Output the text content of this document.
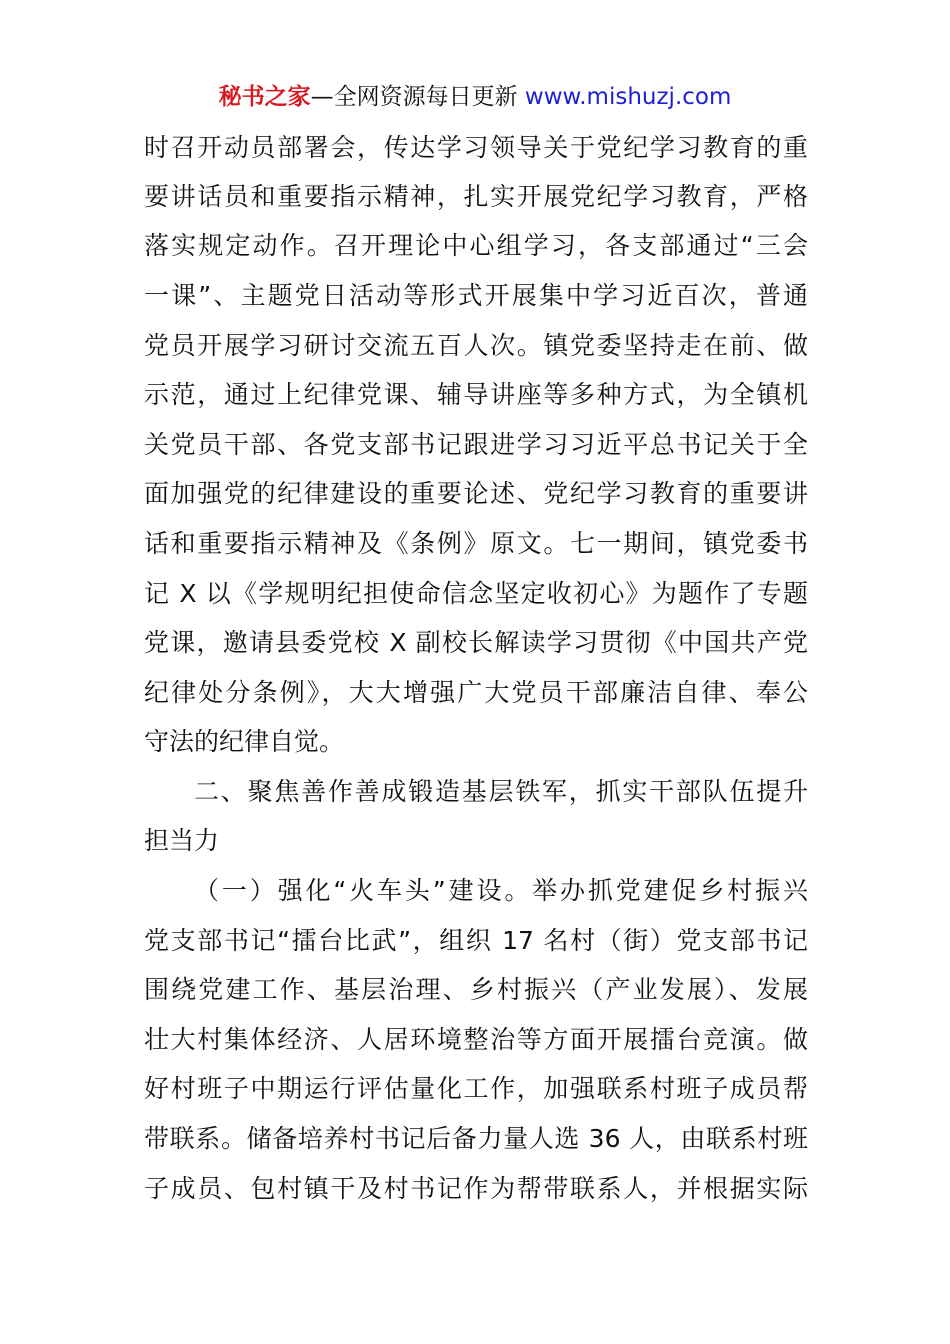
秘书之家—全网资源每日更新 www.mishuzj.com
时召开动员部署会，传达学习领导关于党纪学习教育的重
要讲话员和重要指示精神，扎实开展党纪学习教育，严格
落实规定动作。召开理论中心组学习，各支部通过“三会
一课”、主题党日活动等形式开展集中学习近百次，普通
党员开展学习研讨交流五百人次。镇党委坚持走在前、做
示范，通过上纪律党课、辅导讲座等多种方式，为全镇机
关党员干部、各党支部书记跟进学习习近平总书记关于全
面加强党的纪律建设的重要论述、党纪学习教育的重要讲
话和重要指示精神及《条例》原文。七一期间，镇党委书
记 X 以《学规明纪担使命信念坚定收初心》为题作了专题
党课，邀请县委党校 X 副校长解读学习贯彻《中国共产党
纪律处分条例》，大大增强广大党员干部廉洁自律、奉公
守法的纪律自觉。
二、聚焦善作善成锻造基层铁军，抓实干部队伍提升
担当力
（一）强化“火车头”建设。举办抓党建促乡村振兴
党支部书记“擂台比武”，组织 17 名村（街）党支部书记
围绕党建工作、基层治理、乡村振兴（产业发展）、发展
壮大村集体经济、人居环境整治等方面开展擂台竞演。做
好村班子中期运行评估量化工作，加强联系村班子成员帮
带联系。储备培养村书记后备力量人选 36 人，由联系村班
子成员、包村镇干及村书记作为帮带联系人，并根据实际
